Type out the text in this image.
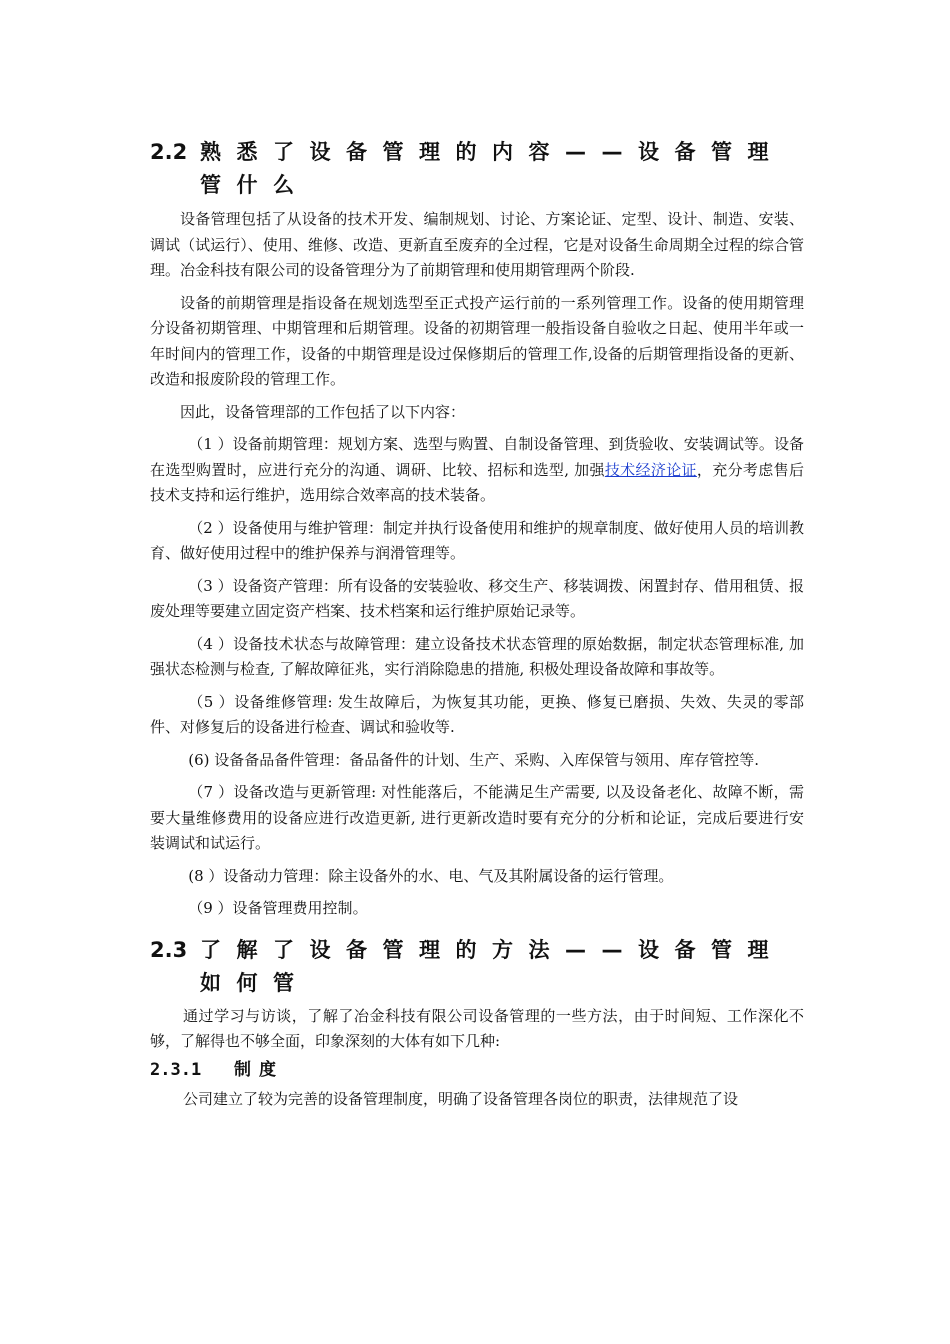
2.2 熟悉了设备管理的内容——设备管理管什么

设备管理包括了从设备的技术开发、编制规划、讨论、方案论证、定型、设计、制造、安装、调试（试运行）、使用、维修、改造、更新直至废弃的全过程，它是对设备生命周期全过程的综合管理。冶金科技有限公司的设备管理分为了前期管理和使用期管理两个阶段.

设备的前期管理是指设备在规划选型至正式投产运行前的一系列管理工作。设备的使用期管理分设备初期管理、中期管理和后期管理。设备的初期管理一般指设备自验收之日起、使用半年或一年时间内的管理工作，设备的中期管理是设过保修期后的管理工作,设备的后期管理指设备的更新、改造和报废阶段的管理工作。

因此，设备管理部的工作包括了以下内容：

（1 ）设备前期管理：规划方案、选型与购置、自制设备管理、到货验收、安装调试等。设备在选型购置时，应进行充分的沟通、调研、比较、招标和选型, 加强技术经济论证，充分考虑售后技术支持和运行维护，选用综合效率高的技术装备。

（2 ）设备使用与维护管理：制定并执行设备使用和维护的规章制度、做好使用人员的培训教育、做好使用过程中的维护保养与润滑管理等。

（3 ）设备资产管理：所有设备的安装验收、移交生产、移装调拨、闲置封存、借用租赁、报废处理等要建立固定资产档案、技术档案和运行维护原始记录等。

（4 ）设备技术状态与故障管理：建立设备技术状态管理的原始数据，制定状态管理标准, 加强状态检测与检查, 了解故障征兆，实行消除隐患的措施, 积极处理设备故障和事故等。

（5 ）设备维修管理: 发生故障后，为恢复其功能，更换、修复已磨损、失效、失灵的零部件、对修复后的设备进行检查、调试和验收等.

(6) 设备备品备件管理：备品备件的计划、生产、采购、入库保管与领用、库存管控等.

（7 ）设备改造与更新管理: 对性能落后，不能满足生产需要, 以及设备老化、故障不断，需要大量维修费用的设备应进行改造更新, 进行更新改造时要有充分的分析和论证，完成后要进行安装调试和试运行。

(8 ）设备动力管理：除主设备外的水、电、气及其附属设备的运行管理。

（9 ）设备管理费用控制。

2.3 了解了设备管理的方法——设备管理如何管

通过学习与访谈，了解了冶金科技有限公司设备管理的一些方法，由于时间短、工作深化不够，了解得也不够全面，印象深刻的大体有如下几种:

2.3.1	制度

公司建立了较为完善的设备管理制度，明确了设备管理各岗位的职责，法律规范了设
